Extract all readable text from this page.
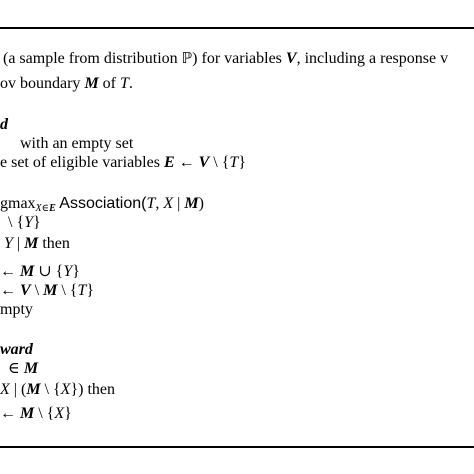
(a sample from distribution ℙ) for variables V, including a response v
ov boundary M of T.
d
with an empty set
e set of eligible variables E ← V \ {T}
gmax$_{X\in E}$ Association(T, X | M)
\ {Y}
Y | M then
← M ∪ {Y}
← V \ M \ {T}
mpty
ward
∈ M
X | (M \ {X}) then
← M \ {X}
